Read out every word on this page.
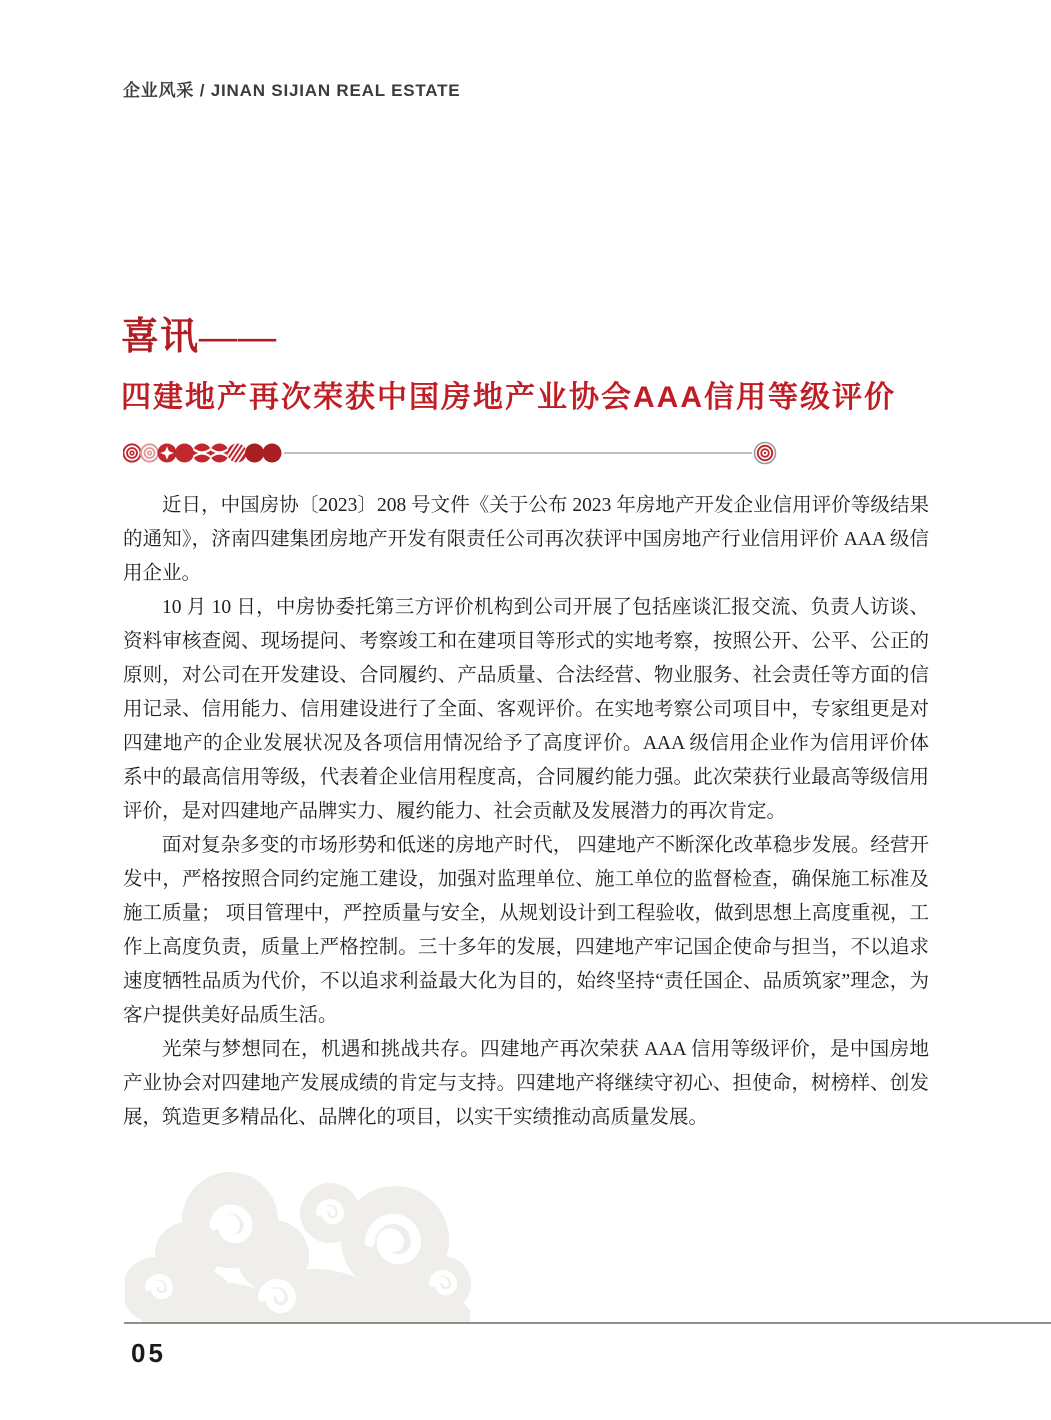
企业风采 / JINAN SIJIAN REAL ESTATE
喜讯——
四建地产再次荣获中国房地产业协会AAA信用等级评价

近日，中国房协〔2023〕208 号文件《关于公布 2023 年房地产开发企业信用评价等级结果的通知》，济南四建集团房地产开发有限责任公司再次获评中国房地产行业信用评价 AAA 级信用企业。

10 月 10 日，中房协委托第三方评价机构到公司开展了包括座谈汇报交流、负责人访谈、资料审核查阅、现场提问、考察竣工和在建项目等形式的实地考察，按照公开、公平、公正的原则，对公司在开发建设、合同履约、产品质量、合法经营、物业服务、社会责任等方面的信用记录、信用能力、信用建设进行了全面、客观评价。在实地考察公司项目中，专家组更是对四建地产的企业发展状况及各项信用情况给予了高度评价。AAA 级信用企业作为信用评价体系中的最高信用等级，代表着企业信用程度高，合同履约能力强。此次荣获行业最高等级信用评价，是对四建地产品牌实力、履约能力、社会贡献及发展潜力的再次肯定。

面对复杂多变的市场形势和低迷的房地产时代， 四建地产不断深化改革稳步发展。经营开发中，严格按照合同约定施工建设，加强对监理单位、施工单位的监督检查，确保施工标准及施工质量； 项目管理中，严控质量与安全，从规划设计到工程验收，做到思想上高度重视，工作上高度负责，质量上严格控制。三十多年的发展，四建地产牢记国企使命与担当，不以追求速度牺牲品质为代价，不以追求利益最大化为目的，始终坚持“责任国企、品质筑家”理念，为客户提供美好品质生活。

光荣与梦想同在，机遇和挑战共存。四建地产再次荣获 AAA 信用等级评价，是中国房地产业协会对四建地产发展成绩的肯定与支持。四建地产将继续守初心、担使命，树榜样、创发展，筑造更多精品化、品牌化的项目，以实干实绩推动高质量发展。

05
